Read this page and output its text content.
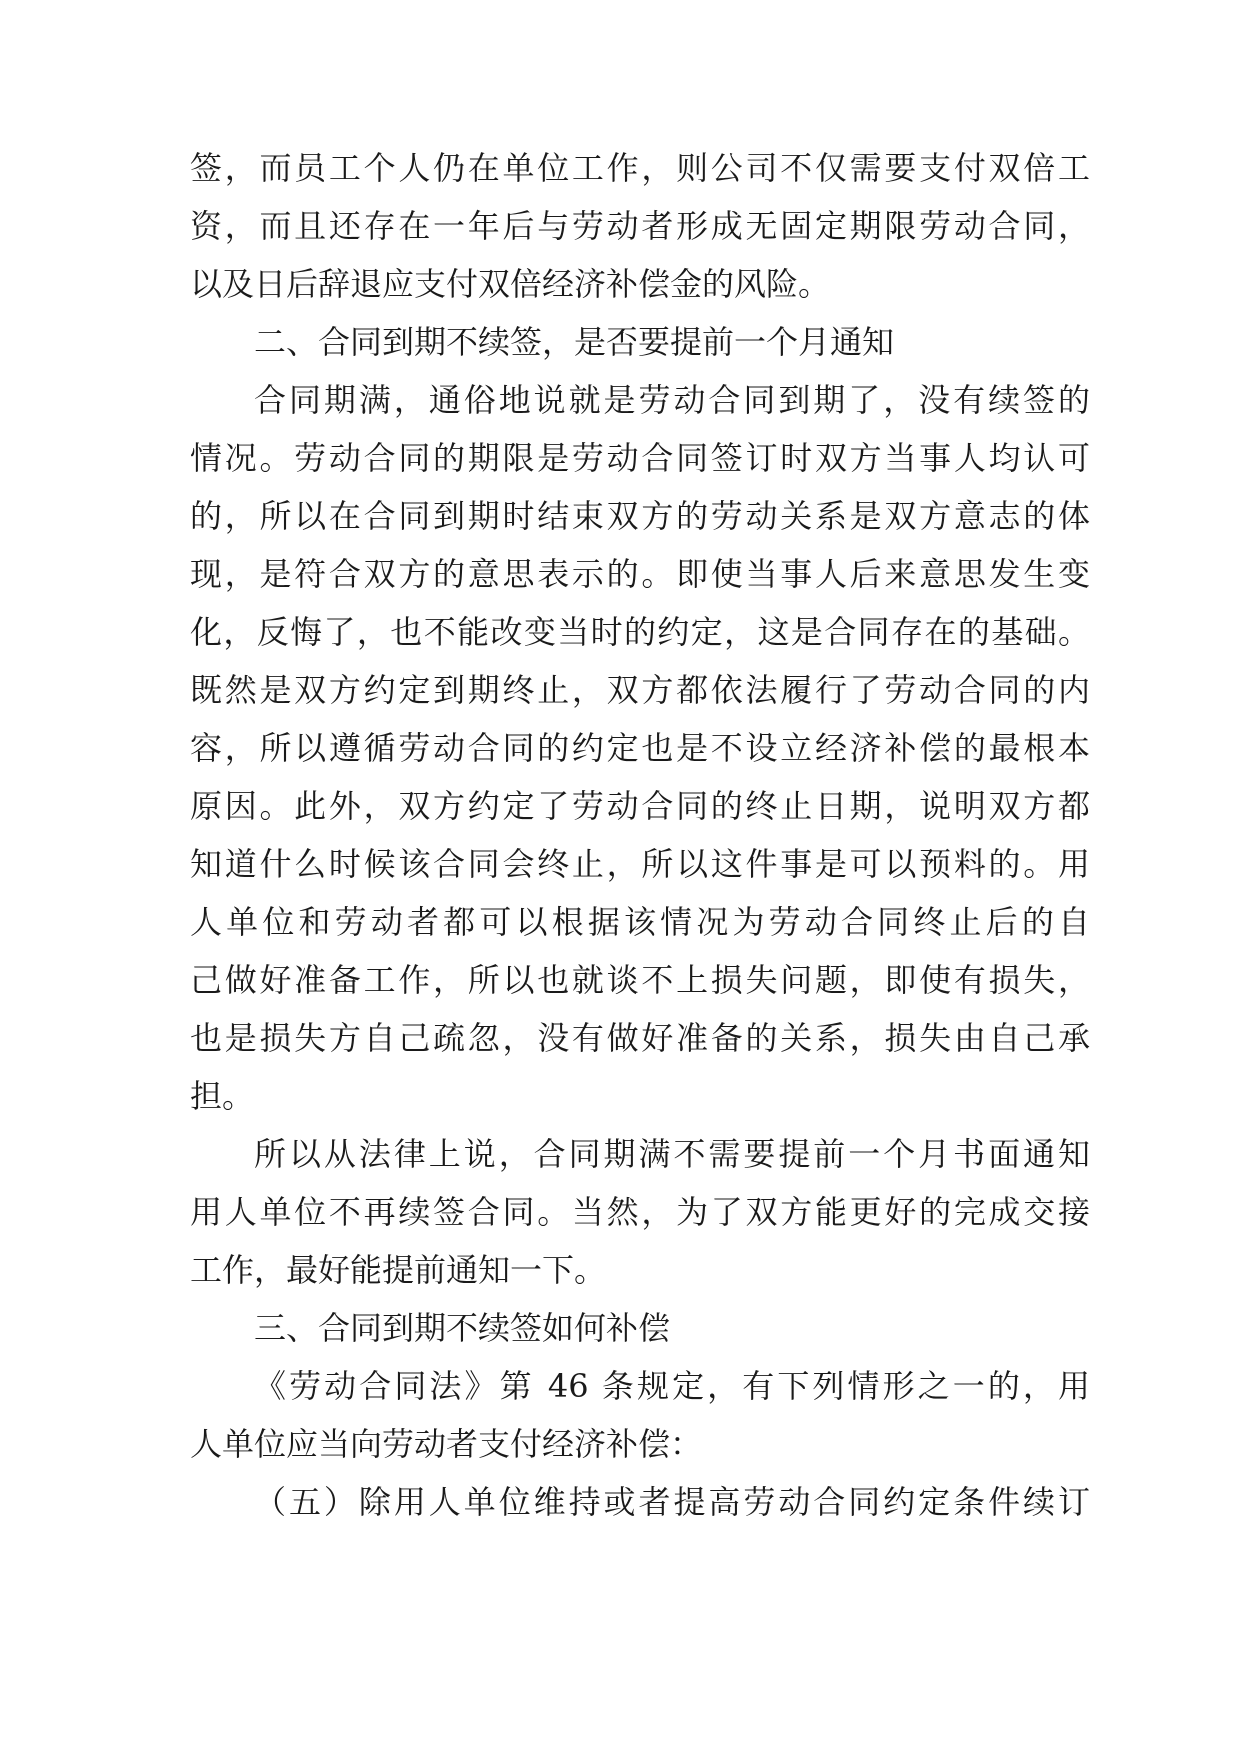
签，而员工个人仍在单位工作，则公司不仅需要支付双倍工
资，而且还存在一年后与劳动者形成无固定期限劳动合同，
以及日后辞退应支付双倍经济补偿金的风险。
二、合同到期不续签，是否要提前一个月通知
合同期满，通俗地说就是劳动合同到期了，没有续签的
情况。劳动合同的期限是劳动合同签订时双方当事人均认可
的，所以在合同到期时结束双方的劳动关系是双方意志的体
现，是符合双方的意思表示的。即使当事人后来意思发生变
化，反悔了，也不能改变当时的约定，这是合同存在的基础。
既然是双方约定到期终止，双方都依法履行了劳动合同的内
容，所以遵循劳动合同的约定也是不设立经济补偿的最根本
原因。此外，双方约定了劳动合同的终止日期，说明双方都
知道什么时候该合同会终止，所以这件事是可以预料的。用
人单位和劳动者都可以根据该情况为劳动合同终止后的自
己做好准备工作，所以也就谈不上损失问题，即使有损失，
也是损失方自己疏忽，没有做好准备的关系，损失由自己承
担。
所以从法律上说，合同期满不需要提前一个月书面通知
用人单位不再续签合同。当然，为了双方能更好的完成交接
工作，最好能提前通知一下。
三、合同到期不续签如何补偿
《劳动合同法》第 46 条规定，有下列情形之一的，用
人单位应当向劳动者支付经济补偿：
（五）除用人单位维持或者提高劳动合同约定条件续订
